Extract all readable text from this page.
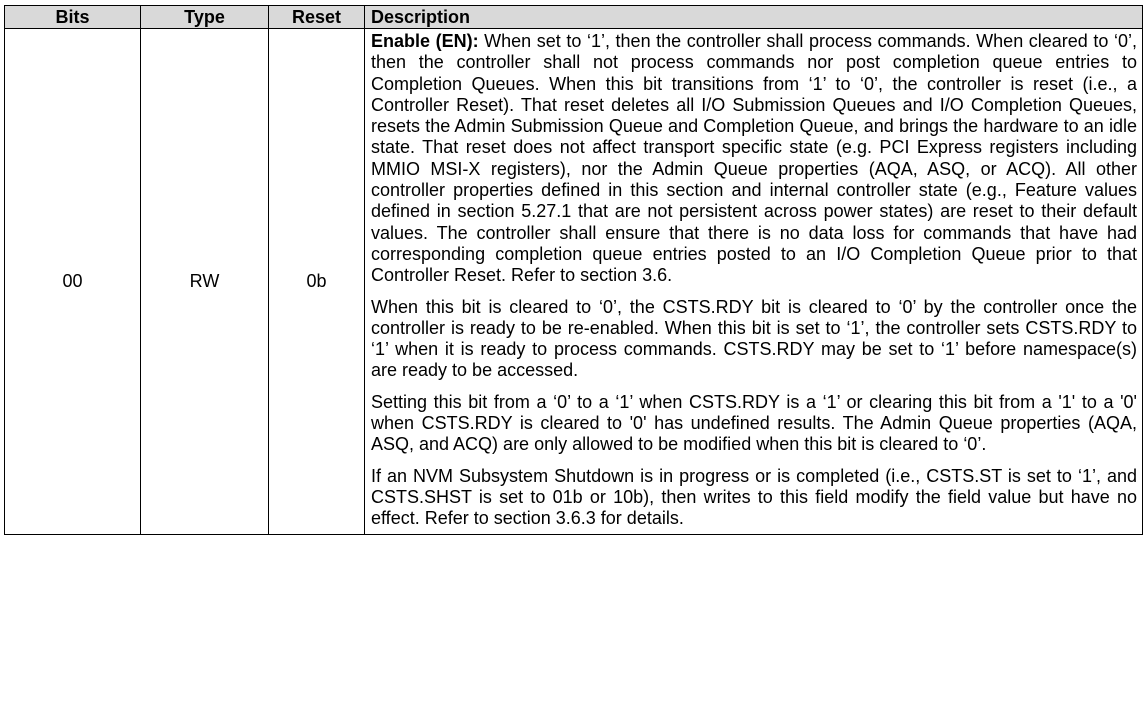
Bits	Type	Reset	Description
00	RW	0b	Enable (EN): When set to ‘1’, then the controller shall process commands. When cleared to ‘0’, then the controller shall not process commands nor post completion queue entries to Completion Queues. When this bit transitions from ‘1’ to ‘0’, the controller is reset (i.e., a Controller Reset). That reset deletes all I/O Submission Queues and I/O Completion Queues, resets the Admin Submission Queue and Completion Queue, and brings the hardware to an idle state. That reset does not affect transport specific state (e.g. PCI Express registers including MMIO MSI-X registers), nor the Admin Queue properties (AQA, ASQ, or ACQ). All other controller properties defined in this section and internal controller state (e.g., Feature values defined in section 5.27.1 that are not persistent across power states) are reset to their default values. The controller shall ensure that there is no data loss for commands that have had corresponding completion queue entries posted to an I/O Completion Queue prior to that Controller Reset. Refer to section 3.6.
When this bit is cleared to ‘0’, the CSTS.RDY bit is cleared to ‘0’ by the controller once the controller is ready to be re-enabled. When this bit is set to ‘1’, the controller sets CSTS.RDY to ‘1’ when it is ready to process commands. CSTS.RDY may be set to ‘1’ before namespace(s) are ready to be accessed.
Setting this bit from a ‘0’ to a ‘1’ when CSTS.RDY is a ‘1’ or clearing this bit from a '1' to a '0' when CSTS.RDY is cleared to '0' has undefined results. The Admin Queue properties (AQA, ASQ, and ACQ) are only allowed to be modified when this bit is cleared to ‘0’.
If an NVM Subsystem Shutdown is in progress or is completed (i.e., CSTS.ST is set to ‘1’, and CSTS.SHST is set to 01b or 10b), then writes to this field modify the field value but have no effect. Refer to section 3.6.3 for details.
